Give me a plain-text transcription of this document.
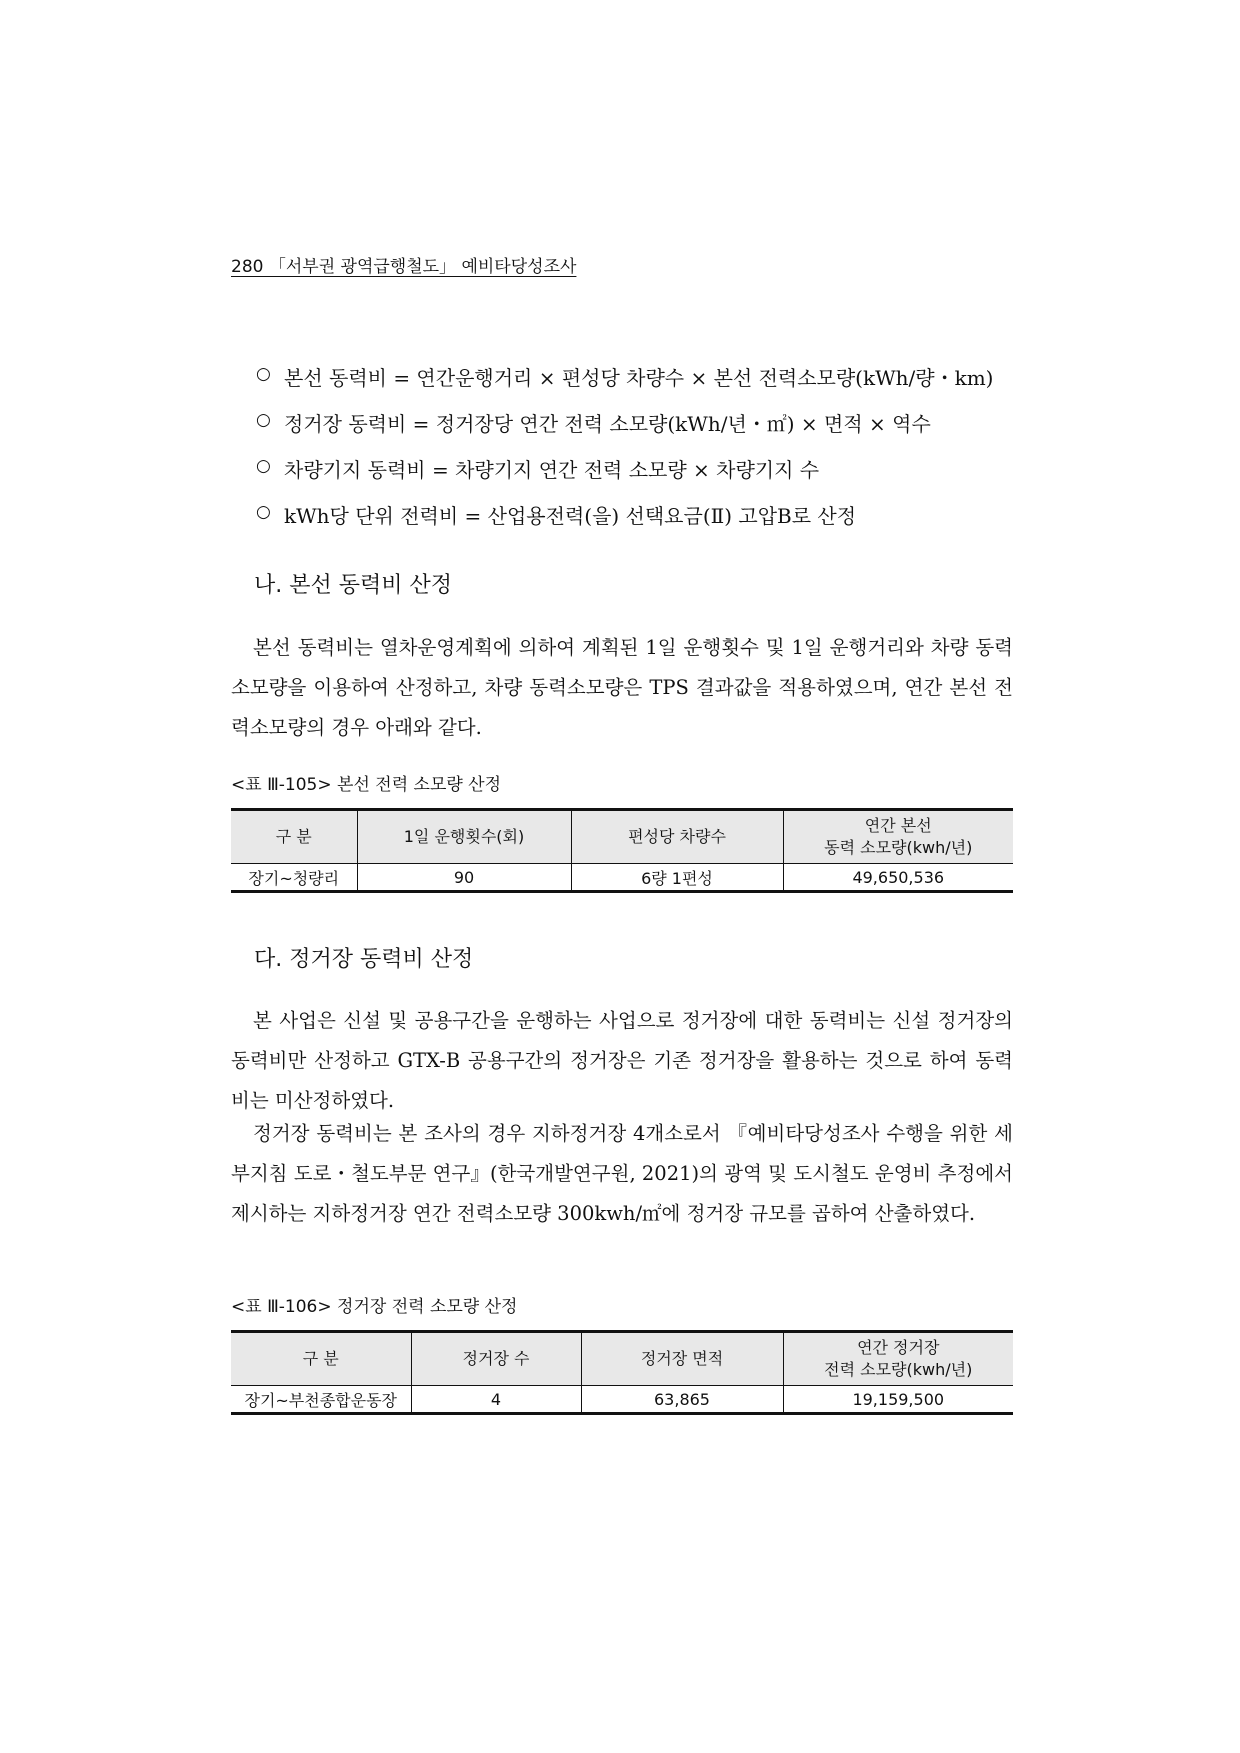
280 「서부권 광역급행철도」 예비타당성조사
○ 본선 동력비 = 연간운행거리 × 편성당 차량수 × 본선 전력소모량(kWh/량・km)
○ 정거장 동력비 = 정거장당 연간 전력 소모량(kWh/년・㎡) × 면적 × 역수
○ 차량기지 동력비 = 차량기지 연간 전력 소모량 × 차량기지 수
○ kWh당 단위 전력비 = 산업용전력(을) 선택요금(Ⅱ) 고압B로 산정
나. 본선 동력비 산정

본선 동력비는 열차운영계획에 의하여 계획된 1일 운행횟수 및 1일 운행거리와 차량 동력소모량을 이용하여 산정하고, 차량 동력소모량은 TPS 결과값을 적용하였으며, 연간 본선 전력소모량의 경우 아래와 같다.

<표 Ⅲ-105> 본선 전력 소모량 산정
구 분	1일 운행횟수(회)	편성당 차량수	연간 본선
동력 소모량(kwh/년)
장기~청량리	90	6량 1편성	49,650,536
다. 정거장 동력비 산정

본 사업은 신설 및 공용구간을 운행하는 사업으로 정거장에 대한 동력비는 신설 정거장의 동력비만 산정하고 GTX-B 공용구간의 정거장은 기존 정거장을 활용하는 것으로 하여 동력비는 미산정하였다.

정거장 동력비는 본 조사의 경우 지하정거장 4개소로서 『예비타당성조사 수행을 위한 세부지침 도로・철도부문 연구』(한국개발연구원, 2021)의 광역 및 도시철도 운영비 추정에서 제시하는 지하정거장 연간 전력소모량 300kwh/㎡에 정거장 규모를 곱하여 산출하였다.

<표 Ⅲ-106> 정거장 전력 소모량 산정
구 분	정거장 수	정거장 면적	연간 정거장
전력 소모량(kwh/년)
장기~부천종합운동장	4	63,865	19,159,500
